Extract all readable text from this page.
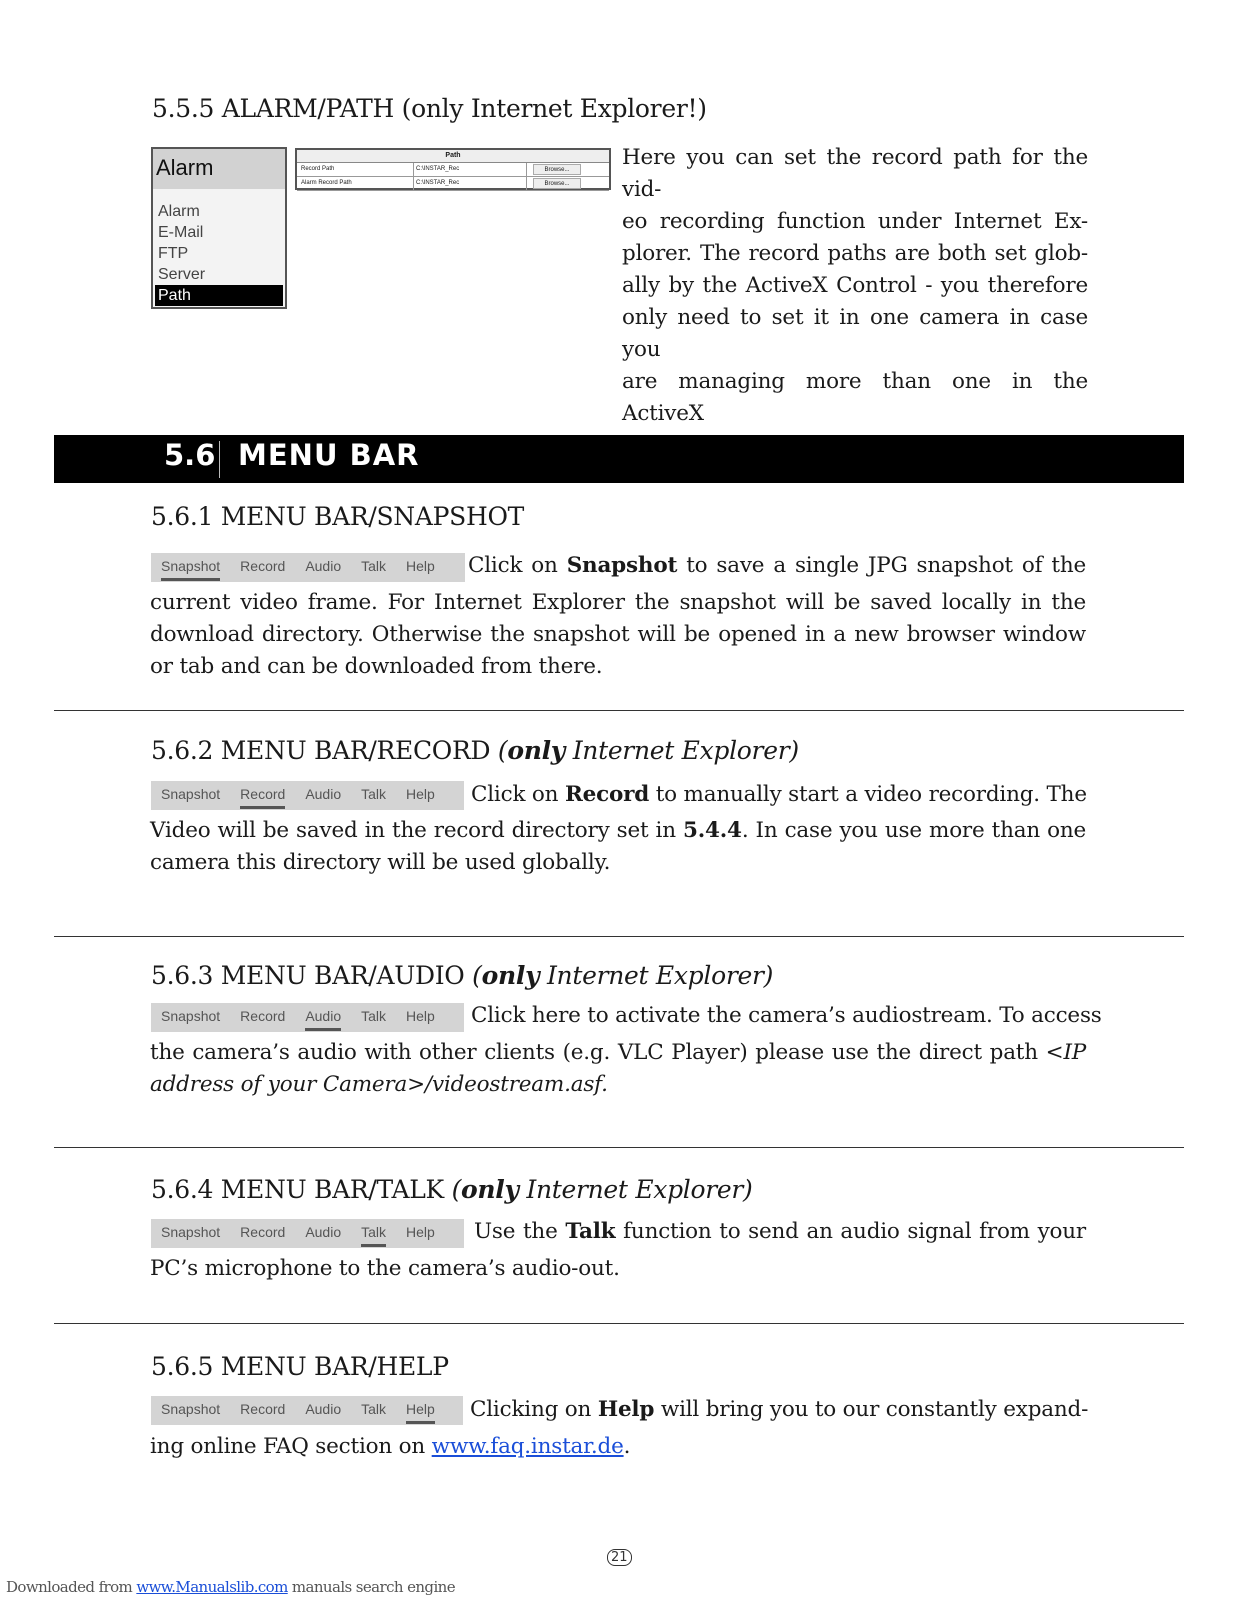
5.5.5 ALARM/PATH (only Internet Explorer!)
Alarm
Alarm
E-Mail
FTP
Server
Path
Path
Record Path	C:\INSTAR_Rec	Browse...
Alarm Record Path	C:\INSTAR_Rec	Browse...
Here you can set the record path for the vid-
eo recording function under Internet Ex-
plorer. The record paths are both set glob-
ally by the ActiveX Control - you therefore
only need to set it in one camera in case you
are managing more than one in the ActiveX
5.6 MENU BAR
5.6.1 MENU BAR/SNAPSHOT
Snapshot	Record	Audio	Talk	Help	Click on Snapshot to save a single JPG snapshot of the
current video frame. For Internet Explorer the snapshot will be saved locally in the download directory. Otherwise the snapshot will be opened in a new browser window or tab and can be downloaded from there.
5.6.2 MENU BAR/RECORD (only Internet Explorer)
Snapshot	Record	Audio	Talk	Help	Click on Record to manually start a video recording. The
Video will be saved in the record directory set in 5.4.4. In case you use more than one camera this directory will be used globally.
5.6.3 MENU BAR/AUDIO (only Internet Explorer)
Snapshot	Record	Audio	Talk	Help	Click here to activate the camera’s audiostream. To access
the camera’s audio with other clients (e.g. VLC Player) please use the direct path <IP address of your Camera>/videostream.asf.
5.6.4 MENU BAR/TALK (only Internet Explorer)
Snapshot	Record	Audio	Talk	Help	Use the Talk function to send an audio signal from your
PC’s microphone to the camera’s audio-out.
5.6.5 MENU BAR/HELP
Snapshot	Record	Audio	Talk	Help	Clicking on Help will bring you to our constantly expand-
ing online FAQ section on www.faq.instar.de.
21
Downloaded from www.Manualslib.com manuals search engine
